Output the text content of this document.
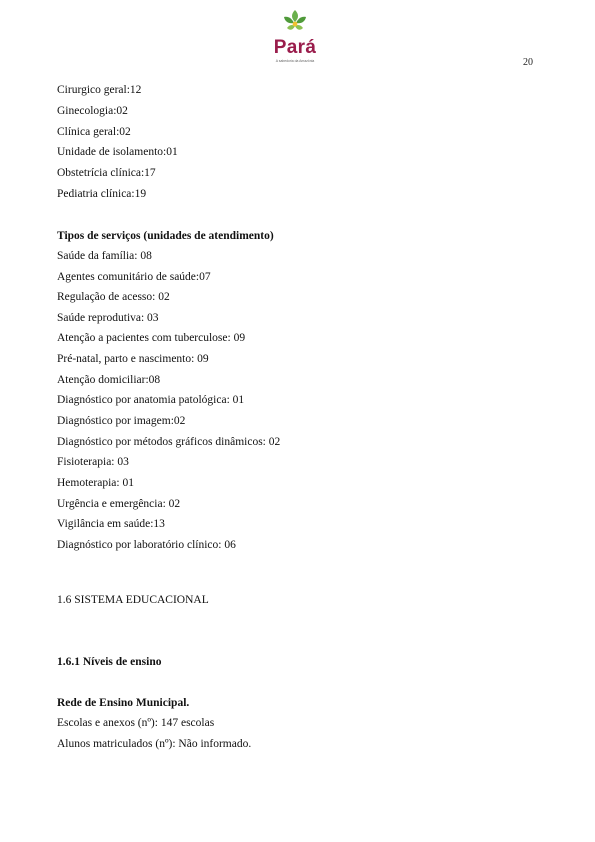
Pará
A sabedoria da Amazônia	20
Cirurgico geral:12
Ginecologia:02
Clínica geral:02
Unidade de isolamento:01
Obstetrícia clínica:17
Pediatria clínica:19
Tipos de serviços (unidades de atendimento)
Saúde da família: 08
Agentes comunitário de saúde:07
Regulação de acesso: 02
Saúde reprodutiva: 03
Atenção a pacientes com tuberculose: 09
Pré-natal, parto e nascimento: 09
Atenção domiciliar:08
Diagnóstico por anatomia patológica: 01
Diagnóstico por imagem:02
Diagnóstico por métodos gráficos dinâmicos: 02
Fisioterapia: 03
Hemoterapia: 01
Urgência e emergência: 02
Vigilância em saúde:13
Diagnóstico por laboratório clínico: 06
1.6 SISTEMA EDUCACIONAL
1.6.1 Níveis de ensino
Rede de Ensino Municipal.
Escolas e anexos (nº): 147 escolas
Alunos matriculados (nº): Não informado.
